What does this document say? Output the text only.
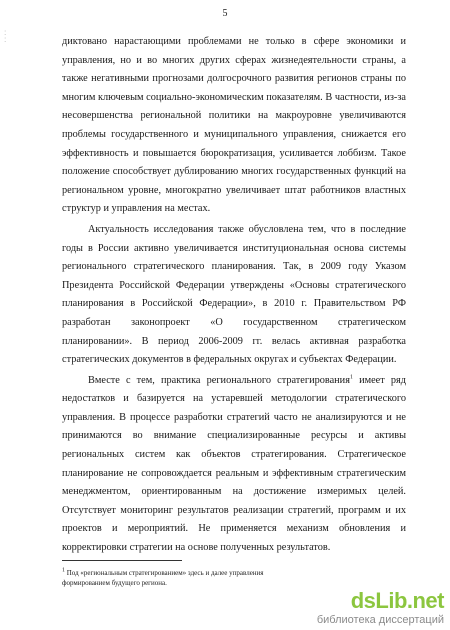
5
· · · ·	диктовано нарастающими проблемами не только в сфере экономики и управления, но и во многих других сферах жизнедеятельности страны, а также негативными прогнозами долгосрочного развития регионов страны по многим ключевым социально-экономическим показателям. В частности, из-за несовершенства региональной политики на макроуровне увеличиваются проблемы государственного и муниципального управления, снижается его эффективность и повышается бюрократизация, усиливается лоббизм. Такое положение способствует дублированию многих государственных функций на региональном уровне, многократно увеличивает штат работников властных структур и управления на местах.

Актуальность исследования также обусловлена тем, что в последние годы в России активно увеличивается институциональная основа системы регионального стратегического планирования. Так, в 2009 году Указом Президента Российской Федерации утверждены «Основы стратегического планирования в Российской Федерации», в 2010 г. Правительством РФ разработан законопроект «О государственном стратегическом планировании». В период 2006-2009 гг. велась активная разработка стратегических документов в федеральных округах и субъектах Федерации.

Вместе с тем, практика регионального стратегирования$^1$ имеет ряд недостатков и базируется на устаревшей методологии стратегического управления. В процессе разработки стратегий часто не анализируются и не принимаются во внимание специализированные ресурсы и активы региональных систем как объектов стратегирования. Стратегическое планирование не сопровождается реальным и эффективным стратегическим менеджментом, ориентированным на достижение измеримых целей. Отсутствует мониторинг результатов реализации стратегий, программ и их проектов и мероприятий. Не применяется механизм обновления и корректировки стратегии на основе полученных результатов.

$^1$ Под «региональным стратегированием» здесь и далее управления формированием будущего регионa.
dsLib.net
библиотека диссертаций
